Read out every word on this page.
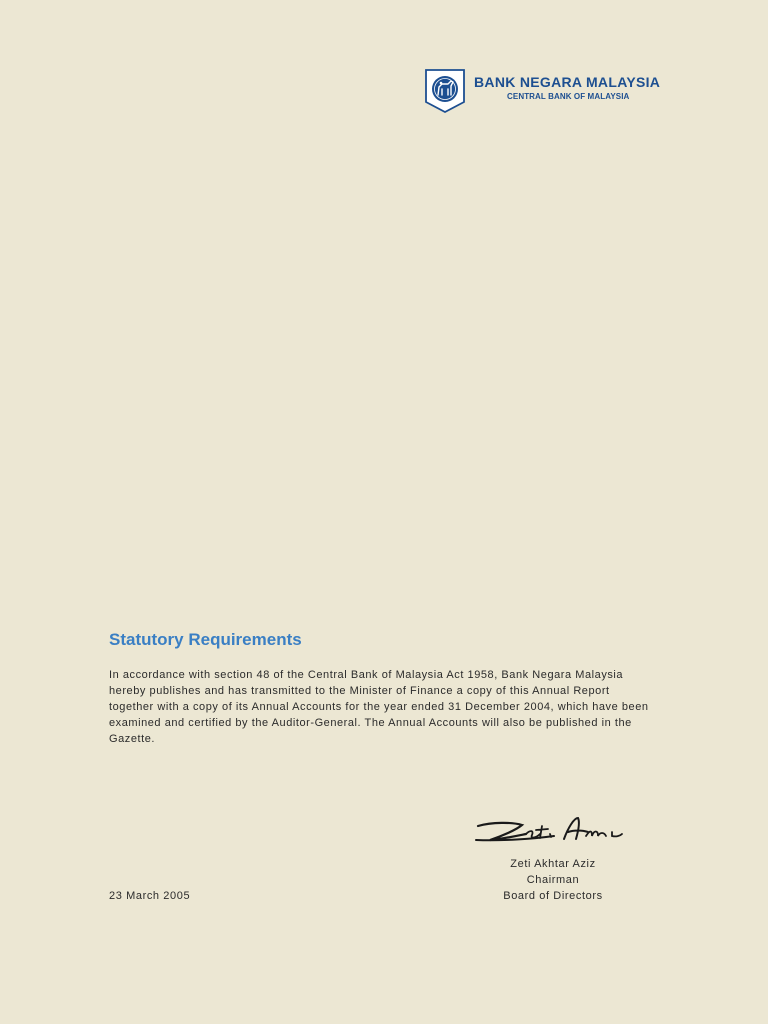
BANK NEGARA MALAYSIA
CENTRAL BANK OF MALAYSIA
Statutory Requirements

In accordance with section 48 of the Central Bank of Malaysia Act 1958, Bank Negara Malaysia hereby publishes and has transmitted to the Minister of Finance a copy of this Annual Report together with a copy of its Annual Accounts for the year ended 31 December 2004, which have been examined and certified by the Auditor-General. The Annual Accounts will also be published in the Gazette.

Zeti Akhtar Aziz
Chairman
Board of Directors
23 March 2005
